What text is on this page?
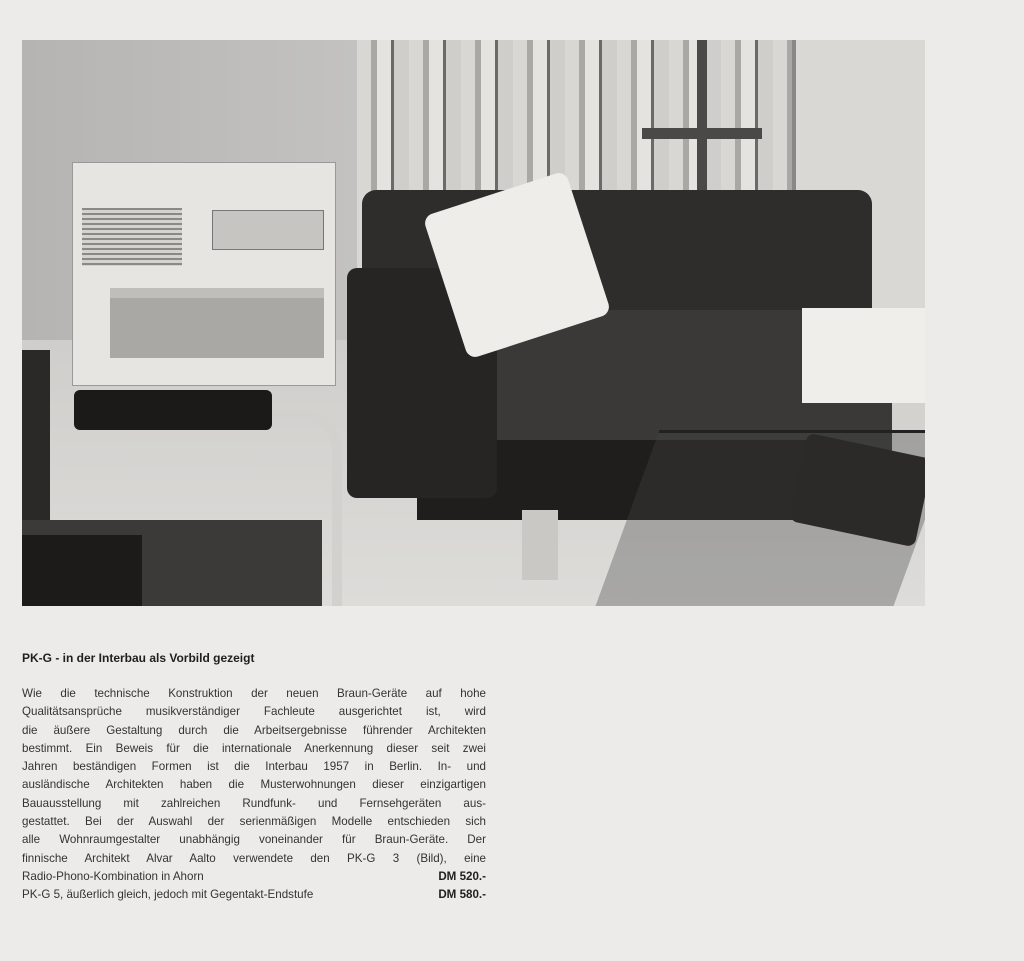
PK-G - in der Interbau als Vorbild gezeigt
Wie die technische Konstruktion der neuen Braun-Geräte auf hohe
Qualitätsansprüche musikverständiger Fachleute ausgerichtet ist, wird
die äußere Gestaltung durch die Arbeitsergebnisse führender Architekten
bestimmt. Ein Beweis für die internationale Anerkennung dieser seit zwei
Jahren beständigen Formen ist die Interbau 1957 in Berlin. In- und
ausländische Architekten haben die Musterwohnungen dieser einzigartigen
Bauausstellung mit zahlreichen Rundfunk- und Fernsehgeräten aus-
gestattet. Bei der Auswahl der serienmäßigen Modelle entschieden sich
alle Wohnraumgestalter unabhängig voneinander für Braun-Geräte. Der
finnische Architekt Alvar Aalto verwendete den PK-G 3 (Bild), eine
Radio-Phono-Kombination in Ahorn	DM 520.-
PK-G 5, äußerlich gleich, jedoch mit Gegentakt-Endstufe	DM 580.-
